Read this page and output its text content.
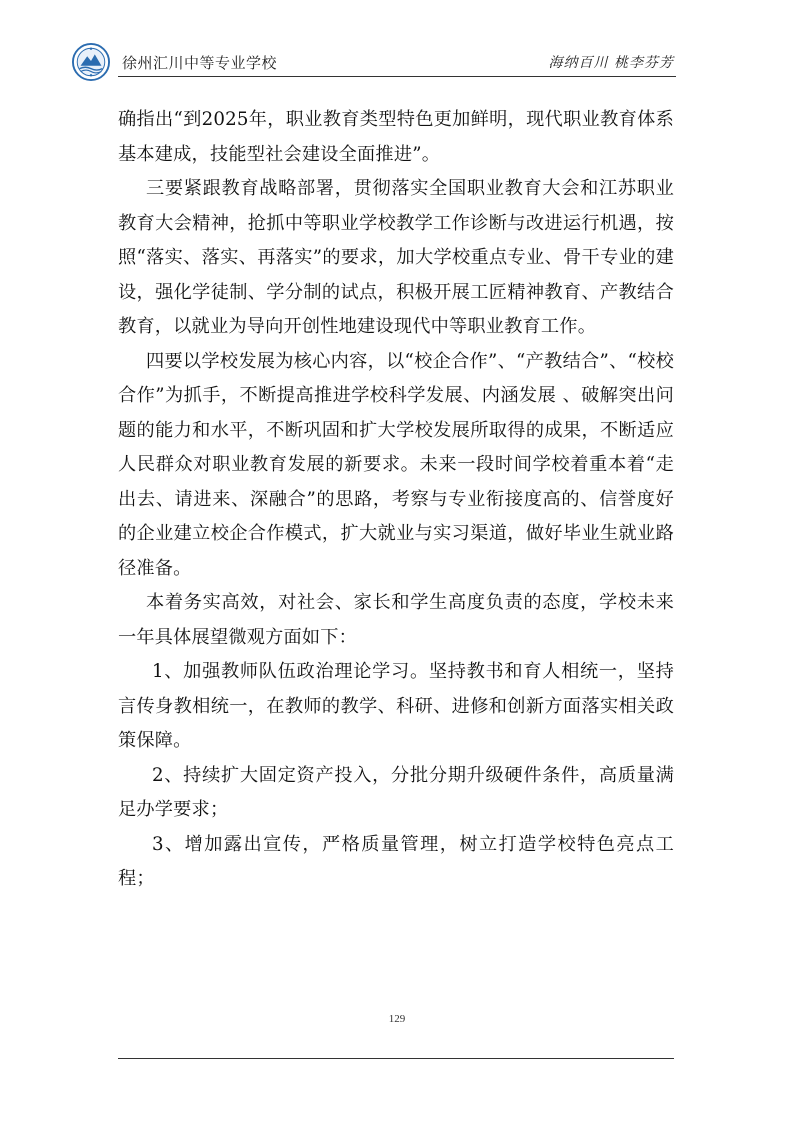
徐州汇川中等专业学校	海纳百川 桃李芬芳

确指出“到2025年，职业教育类型特色更加鲜明，现代职业教育体系基本建成，技能型社会建设全面推进”。

三要紧跟教育战略部署，贯彻落实全国职业教育大会和江苏职业教育大会精神，抢抓中等职业学校教学工作诊断与改进运行机遇，按照“落实、落实、再落实”的要求，加大学校重点专业、骨干专业的建设，强化学徒制、学分制的试点，积极开展工匠精神教育、产教结合教育，以就业为导向开创性地建设现代中等职业教育工作。

四要以学校发展为核心内容，以“校企合作”、“产教结合”、“校校合作”为抓手，不断提高推进学校科学发展、内涵发展 、破解突出问题的能力和水平，不断巩固和扩大学校发展所取得的成果，不断适应人民群众对职业教育发展的新要求。未来一段时间学校着重本着“走出去、请进来、深融合”的思路，考察与专业衔接度高的、信誉度好的企业建立校企合作模式，扩大就业与实习渠道，做好毕业生就业路径准备。

本着务实高效，对社会、家长和学生高度负责的态度，学校未来一年具体展望微观方面如下：

1、加强教师队伍政治理论学习。坚持教书和育人相统一，坚持言传身教相统一，在教师的教学、科研、进修和创新方面落实相关政策保障。

2、持续扩大固定资产投入，分批分期升级硬件条件，高质量满足办学要求；

3、增加露出宣传，严格质量管理，树立打造学校特色亮点工程；

129
